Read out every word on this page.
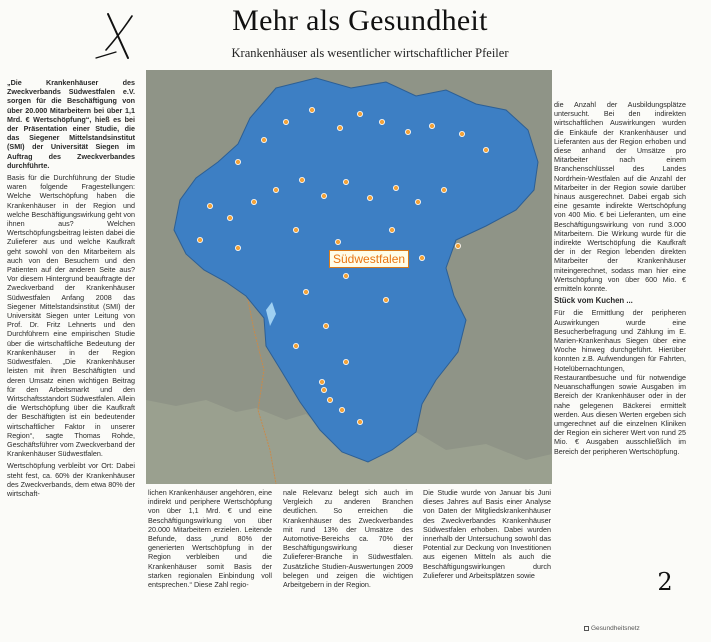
Mehr als Gesundheit
Krankenhäuser als wesentlicher wirtschaftlicher Pfeiler

„Die Krankenhäuser des Zweckverbands Südwestfalen e.V. sorgen für die Beschäftigung von über 20.000 Mitarbeitern bei über 1,1 Mrd. € Wertschöpfung“, hieß es bei der Präsentation einer Studie, die das Siegener Mittelstandsinstitut (SMI) der Universität Siegen im Auftrag des Zweckverbandes durchführte.

Basis für die Durchführung der Studie waren folgende Fragestellungen: Welche Wertschöpfung haben die Krankenhäuser in der Region und welche Beschäftigungswirkung geht von ihnen aus? Welchen Wertschöpfungsbeitrag leisten dabei die Zulieferer aus und welche Kaufkraft geht sowohl von den Mitarbeitern als auch von den Besuchern und den Patienten auf der anderen Seite aus? Vor diesem Hintergrund beauftragte der Zweckverband der Krankenhäuser Südwestfalen Anfang 2008 das Siegener Mittelstandsinstitut (SMI) der Universität Siegen unter Leitung von Prof. Dr. Fritz Lehnerts und den Durchführern eine empirischen Studie über die wirtschaftliche Bedeutung der Krankenhäuser in der Region Südwestfalen. „Die Krankenhäuser leisten mit ihren Beschäftigten und deren Umsatz einen wichtigen Beitrag für den Arbeitsmarkt und den Wirtschaftsstandort Südwestfalen. Allein die Wertschöpfung über die Kaufkraft der Beschäftigten ist ein bedeutender wirtschaftlicher Faktor in unserer Region“, sagte Thomas Rohde, Geschäftsführer vom Zweckverband der Krankenhäuser Südwestfalen.

Wertschöpfung verbleibt vor Ort: Dabei steht fest, ca. 60% der Krankenhäuser des Zweckverbands, dem etwa 80% der wirtschaft-

Südwestfalen

lichen Krankenhäuser angehören, eine indirekt und periphere Wertschöpfung von über 1,1 Mrd. € und eine Beschäftigungswirkung von über 20.000 Mitarbeitern erzielen. Leitende Befunde, dass „rund 80% der generierten Wertschöpfung in der Region verbleiben und die Krankenhäuser somit Basis der starken regionalen Einbindung voll entsprechen.“ Diese Zahl regio-

nale Relevanz belegt sich auch im Vergleich zu anderen Branchen deutlichen. So erreichen die Krankenhäuser des Zweckverbandes mit rund 13% der Umsätze des Automotive-Bereichs ca. 70% der Beschäftigungswirkung dieser Zulieferer-Branche in Südwestfalen. Zusätzliche Studien-Auswertungen 2009 belegen und zeigen die wichtigen Arbeitgebern in der Region.

Die Studie wurde von Januar bis Juni dieses Jahres auf Basis einer Analyse von Daten der Mitgliedskrankenhäuser des Zweckverbandes Krankenhäuser Südwestfalen erhoben. Dabei wurden innerhalb der Untersuchung sowohl das Potential zur Deckung von Investitionen aus eigenen Mitteln als auch die Beschäftigungswirkungen durch Zulieferer und Arbeitsplätzen sowie

die Anzahl der Ausbildungsplätze untersucht. Bei den indirekten wirtschaftlichen Auswirkungen wurden die Einkäufe der Krankenhäuser und Lieferanten aus der Region erhoben und diese anhand der Umsätze pro Mitarbeiter nach einem Branchenschlüssel des Landes Nordrhein-Westfalen auf die Anzahl der Mitarbeiter in der Region sowie darüber hinaus ausgerechnet. Dabei ergab sich eine gesamte indirekte Wertschöpfung von 400 Mio. € bei Lieferanten, um eine Beschäftigungswirkung von rund 3.000 Mitarbeitern. Die Wirkung wurde für die indirekte Wertschöpfung die Kaufkraft der in der Region lebenden direkten Mitarbeiter der Krankenhäuser miteingerechnet, sodass man hier eine Wertschöpfung von über 600 Mio. € ermitteln konnte.

Stück vom Kuchen ...

Für die Ermittlung der peripheren Auswirkungen wurde eine Besucherbefragung und Zählung im E. Marien-Krankenhaus Siegen über eine Woche hinweg durchgeführt. Hierüber konnten z.B. Aufwendungen für Fahrten, Hotelübernachtungen, Restaurantbesuche und für notwendige Neuanschaffungen sowie Ausgaben im Bereich der Krankenhäuser oder in der nahe gelegenen Bäckerei ermittelt werden. Aus diesen Werten ergeben sich umgerechnet auf die einzelnen Kliniken der Region ein sicherer Wert von rund 25 Mio. € Ausgaben ausschließlich im Bereich der peripheren Wertschöpfung.

2
Gesundheitsnetz
